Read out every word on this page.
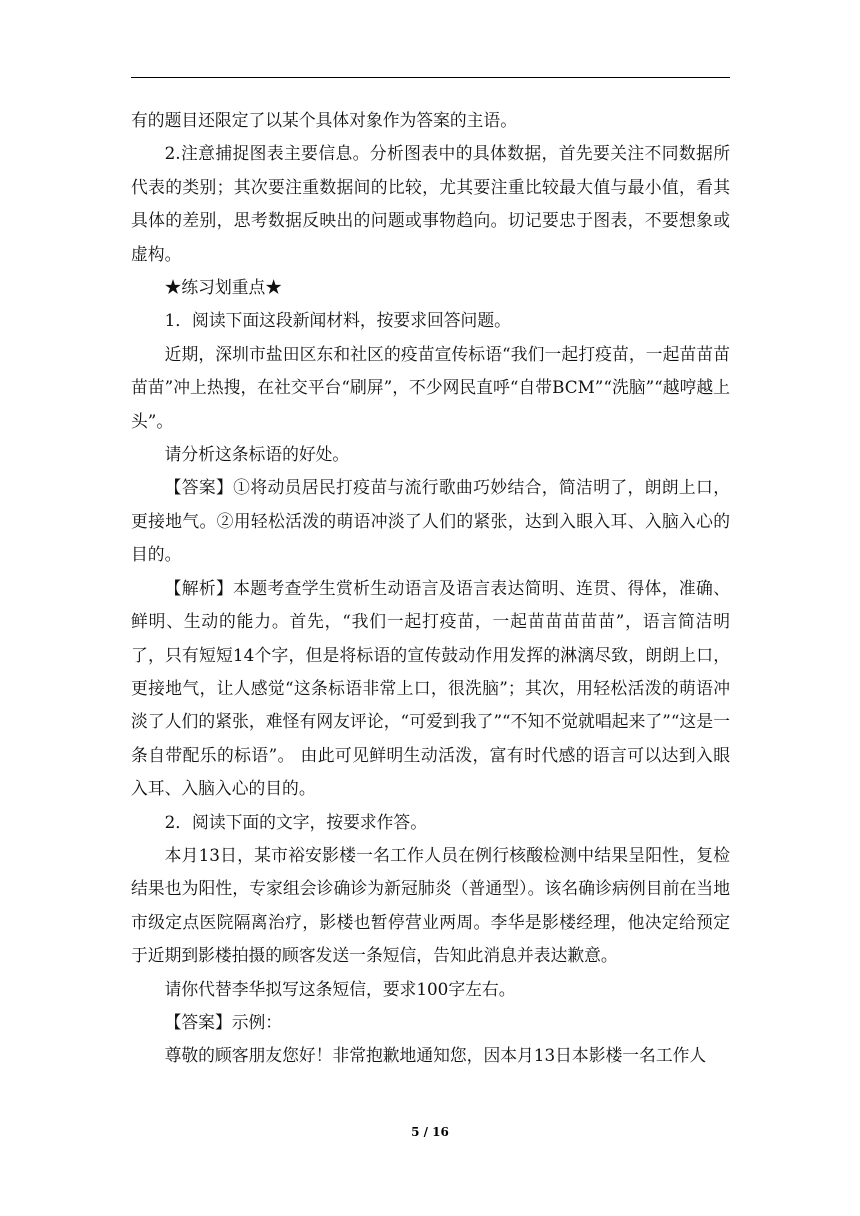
有的题目还限定了以某个具体对象作为答案的主语。

2.注意捕捉图表主要信息。分析图表中的具体数据，首先要关注不同数据所代表的类别；其次要注重数据间的比较，尤其要注重比较最大值与最小值，看其具体的差别，思考数据反映出的问题或事物趋向。切记要忠于图表，不要想象或虚构。

★练习划重点★

1．阅读下面这段新闻材料，按要求回答问题。

近期，深圳市盐田区东和社区的疫苗宣传标语“我们一起打疫苗，一起苗苗苗苗苗”冲上热搜，在社交平台“刷屏”，不少网民直呼“自带BCM”“洗脑”“越哼越上头”。

请分析这条标语的好处。

【答案】①将动员居民打疫苗与流行歌曲巧妙结合，简洁明了，朗朗上口，更接地气。②用轻松活泼的萌语冲淡了人们的紧张，达到入眼入耳、入脑入心的目的。

【解析】本题考查学生赏析生动语言及语言表达简明、连贯、得体，准确、鲜明、生动的能力。首先，“我们一起打疫苗，一起苗苗苗苗苗”，语言简洁明了，只有短短14个字，但是将标语的宣传鼓动作用发挥的淋漓尽致，朗朗上口，更接地气，让人感觉“这条标语非常上口，很洗脑”；其次，用轻松活泼的萌语冲淡了人们的紧张，难怪有网友评论，“可爱到我了”“不知不觉就唱起来了”“这是一条自带配乐的标语”。 由此可见鲜明生动活泼，富有时代感的语言可以达到入眼入耳、入脑入心的目的。

2．阅读下面的文字，按要求作答。

本月13日，某市裕安影楼一名工作人员在例行核酸检测中结果呈阳性，复检结果也为阳性，专家组会诊确诊为新冠肺炎（普通型）。该名确诊病例目前在当地市级定点医院隔离治疗，影楼也暂停营业两周。李华是影楼经理，他决定给预定于近期到影楼拍摄的顾客发送一条短信，告知此消息并表达歉意。

请你代替李华拟写这条短信，要求100字左右。

【答案】示例：

尊敬的顾客朋友您好！非常抱歉地通知您，因本月13日本影楼一名工作人

5 / 16
